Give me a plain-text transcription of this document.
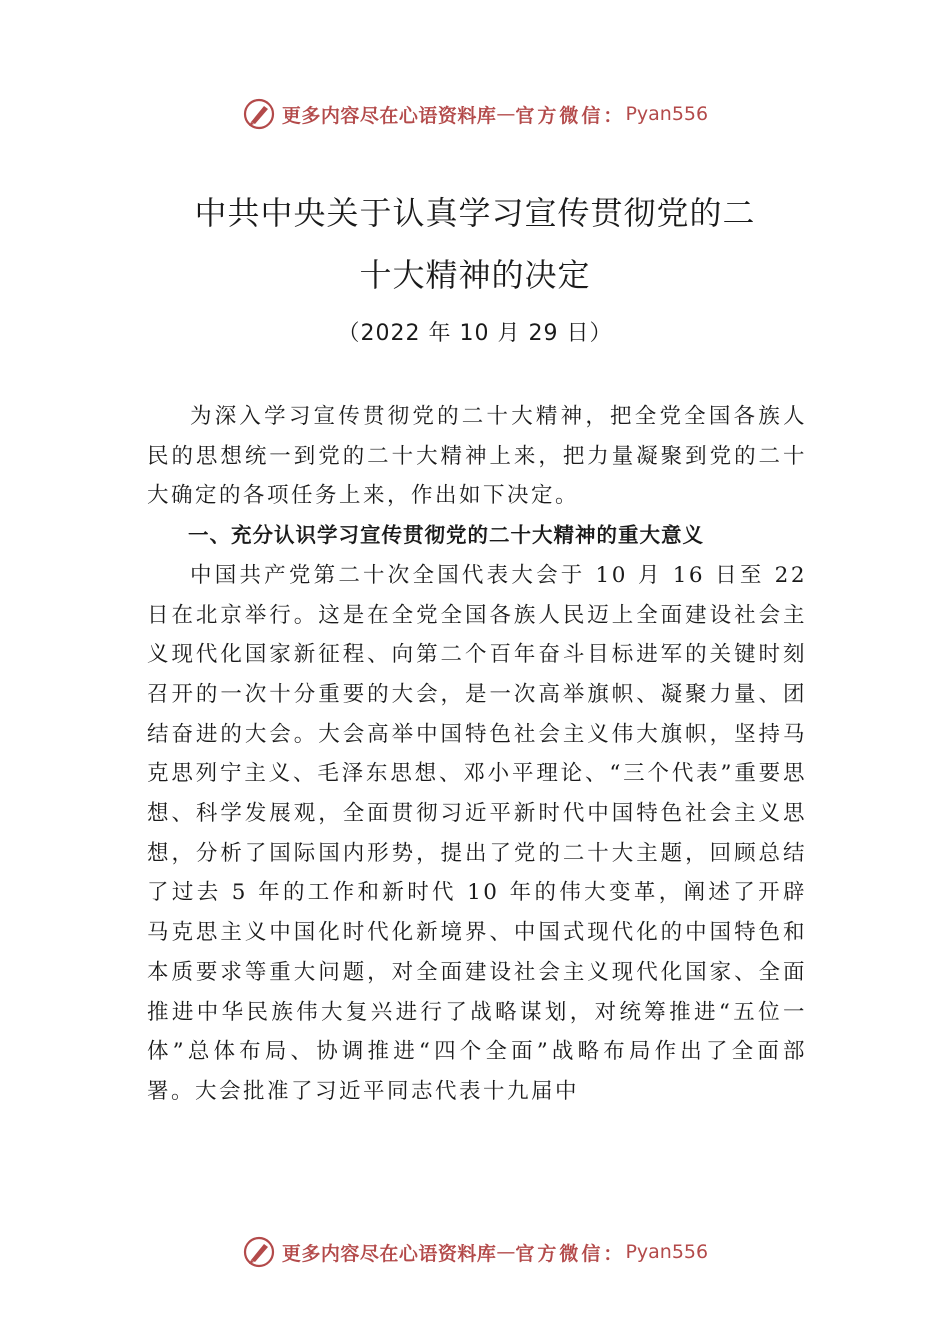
更多内容尽在心语资料库 — 官方微信： Pyan556
中共中央关于认真学习宣传贯彻党的二
十大精神的决定
（2022 年 10 月 29 日）

为深入学习宣传贯彻党的二十大精神，把全党全国各族人民的思想统一到党的二十大精神上来，把力量凝聚到党的二十大确定的各项任务上来，作出如下决定。

一、充分认识学习宣传贯彻党的二十大精神的重大意义

中国共产党第二十次全国代表大会于 10 月 16 日至 22 日在北京举行。这是在全党全国各族人民迈上全面建设社会主义现代化国家新征程、向第二个百年奋斗目标进军的关键时刻召开的一次十分重要的大会，是一次高举旗帜、凝聚力量、团结奋进的大会。大会高举中国特色社会主义伟大旗帜，坚持马克思列宁主义、毛泽东思想、邓小平理论、“三个代表”重要思想、科学发展观，全面贯彻习近平新时代中国特色社会主义思想，分析了国际国内形势，提出了党的二十大主题，回顾总结了过去 5 年的工作和新时代 10 年的伟大变革，阐述了开辟马克思主义中国化时代化新境界、中国式现代化的中国特色和本质要求等重大问题，对全面建设社会主义现代化国家、全面推进中华民族伟大复兴进行了战略谋划，对统筹推进“五位一体”总体布局、协调推进“四个全面”战略布局作出了全面部署。大会批准了习近平同志代表十九届中

更多内容尽在心语资料库 — 官方微信： Pyan556
